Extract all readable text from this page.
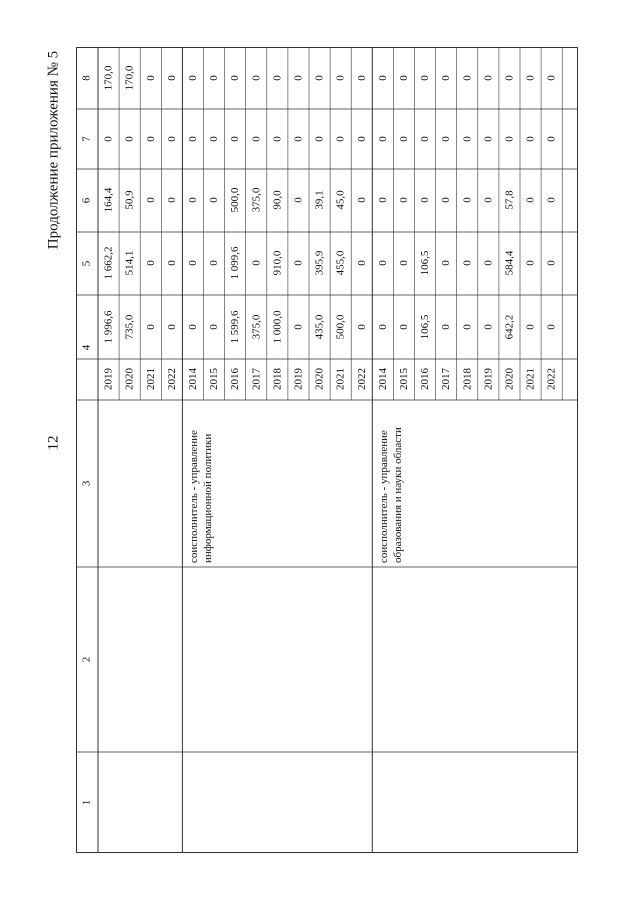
12
Продолжение приложения № 5 8
7
6
5
4
3
2
1
170,0
0
164,4
1 662,2
1 996,6
2019
170,0
0
50,9
514,1
735,0
2020
0
0
0
0
0
2021
0
0
0
0
0
2022
0
0
0
0
0
2014
0
0
0
0
0
2015
0
0
500,0
1 099,6
1 599,6
2016
0
0
375,0
0
375,0
2017
0
0
90,0
910,0
1 000,0
2018
0
0
0
0
0
2019
0
0
39,1
395,9
435,0
2020
0
0
45,0
455,0
500,0
2021
0
0
0
0
0
2022
соисполнитель - управление информационной политики
0
0
0
0
0
2014
0
0
0
0
0
2015
0
0
0
106,5
106,5
2016
0
0
0
0
0
2017
0
0
0
0
0
2018
0
0
0
0
0
2019
0
0
57,8
584,4
642,2
2020
0
0
0
0
0
2021
0
0
0
0
0
2022
соисполнитель - управление образования и науки области
